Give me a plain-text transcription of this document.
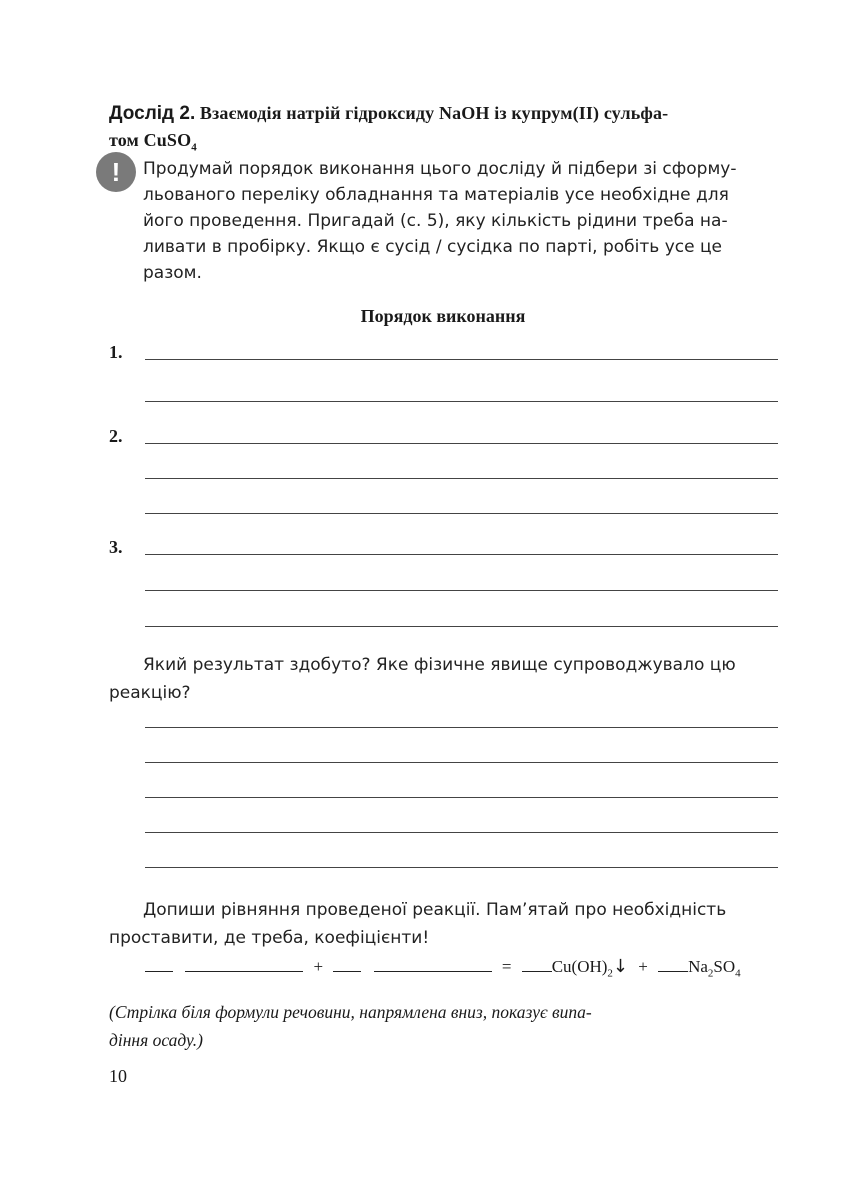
Дослід 2. Взаємодія натрій гідроксиду NaOH із купрум(II) сульфа-
том CuSO$_4$
!	Продумай порядок виконання цього досліду й підбери зі сформу-
льованого переліку обладнання та матеріалів усе необхідне для
його проведення. Пригадай (с. 5), яку кількість рідини треба на-
ливати в пробірку. Якщо є сусід / сусідка по парті, робіть усе це
разом.
Порядок виконання
1.
2.
3.
Який результат здобуто? Яке фізичне явище супроводжувало цю
реакцію?
Допиши рівняння проведеної реакції. Пам’ятай про необхідність
проставити, де треба, коефіцієнти!
+	= $Cu(OH)_2↓ + Na_2SO_4$
(Стрілка біля формули речовини, напрямлена вниз, показує випа-
діння осаду.)
10
